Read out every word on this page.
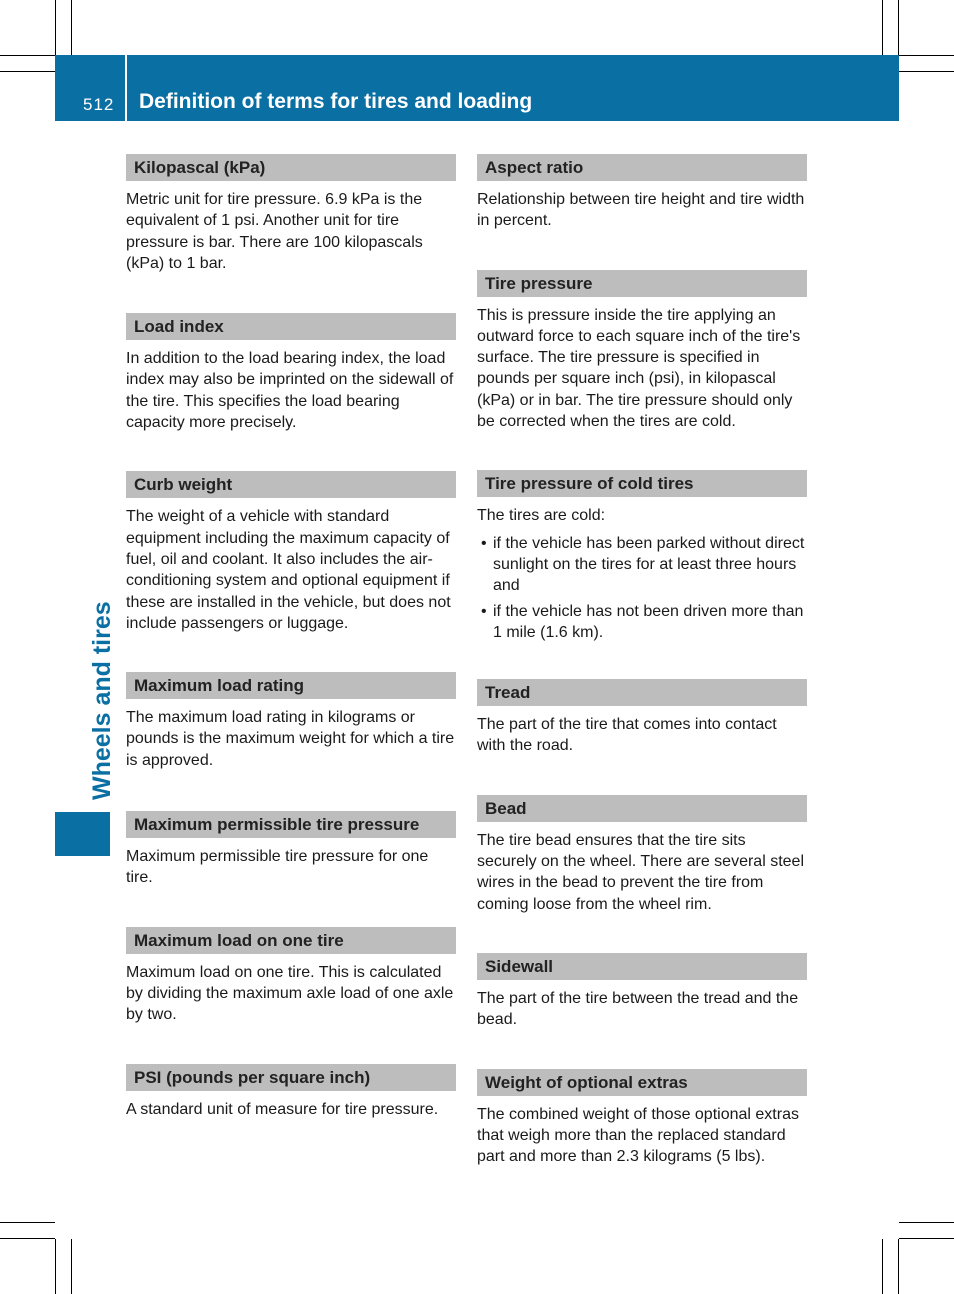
512 Definition of terms for tires and loading
Wheels and tires
Kilopascal (kPa)

Metric unit for tire pressure. 6.9 kPa is the equivalent of 1 psi. Another unit for tire pressure is bar. There are 100 kilopascals (kPa) to 1 bar.

Load index

In addition to the load bearing index, the load index may also be imprinted on the sidewall of the tire. This specifies the load bearing capacity more precisely.

Curb weight

The weight of a vehicle with standard equipment including the maximum capacity of fuel, oil and coolant. It also includes the air-conditioning system and optional equipment if these are installed in the vehicle, but does not include passengers or luggage.

Maximum load rating

The maximum load rating in kilograms or pounds is the maximum weight for which a tire is approved.

Maximum permissible tire pressure

Maximum permissible tire pressure for one tire.

Maximum load on one tire

Maximum load on one tire. This is calculated by dividing the maximum axle load of one axle by two.

PSI (pounds per square inch)

A standard unit of measure for tire pressure.

Aspect ratio

Relationship between tire height and tire width in percent.

Tire pressure

This is pressure inside the tire applying an outward force to each square inch of the tire's surface. The tire pressure is specified in pounds per square inch (psi), in kilopascal (kPa) or in bar. The tire pressure should only be corrected when the tires are cold.

Tire pressure of cold tires

The tires are cold:

• if the vehicle has been parked without direct sunlight on the tires for at least three hours and
• if the vehicle has not been driven more than 1 mile (1.6 km).
Tread

The part of the tire that comes into contact with the road.

Bead

The tire bead ensures that the tire sits securely on the wheel. There are several steel wires in the bead to prevent the tire from coming loose from the wheel rim.

Sidewall

The part of the tire between the tread and the bead.

Weight of optional extras

The combined weight of those optional extras that weigh more than the replaced standard part and more than 2.3 kilograms (5 lbs).
